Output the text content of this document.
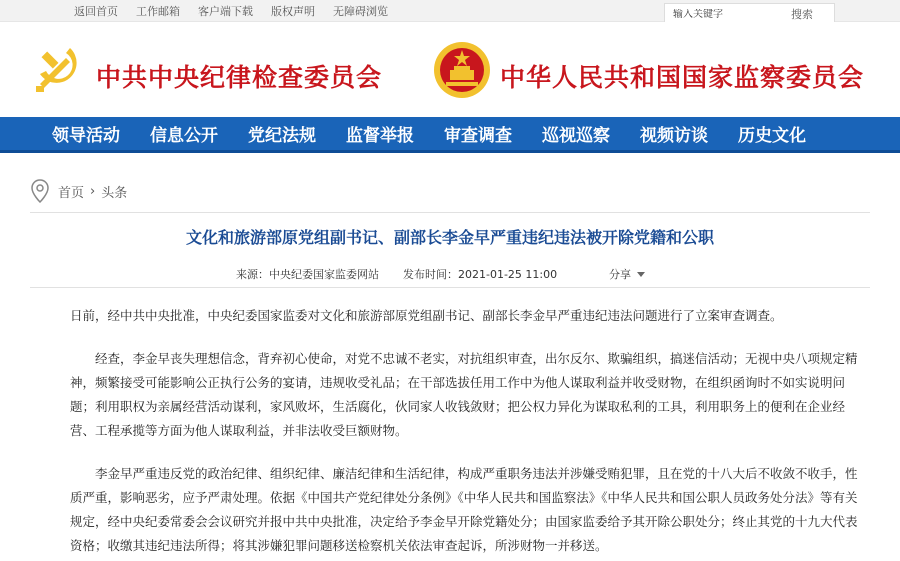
返回首页 工作邮箱 客户端下载 版权声明 无障碍浏览
输入关键字	搜索
中共中央纪律检查委员会	中华人民共和国国家监察委员会
领导活动 信息公开 党纪法规 监督举报 审查调查 巡视巡察 视频访谈 历史文化
首页 › 头条
文化和旅游部原党组副书记、副部长李金早严重违纪违法被开除党籍和公职
来源：中央纪委国家监委网站 发布时间：2021-01-25 11:00	分享

日前，经中共中央批准，中央纪委国家监委对文化和旅游部原党组副书记、副部长李金早严重违纪违法问题进行了立案审查调查。

经查，李金早丧失理想信念，背弃初心使命，对党不忠诚不老实，对抗组织审查，出尔反尔、欺骗组织，搞迷信活动；无视中央八项规定精神，频繁接受可能影响公正执行公务的宴请，违规收受礼品；在干部选拔任用工作中为他人谋取利益并收受财物，在组织函询时不如实说明问题；利用职权为亲属经营活动谋利，家风败坏，生活腐化，伙同家人收钱敛财；把公权力异化为谋取私利的工具，利用职务上的便利在企业经营、工程承揽等方面为他人谋取利益，并非法收受巨额财物。

李金早严重违反党的政治纪律、组织纪律、廉洁纪律和生活纪律，构成严重职务违法并涉嫌受贿犯罪，且在党的十八大后不收敛不收手，性质严重，影响恶劣，应予严肃处理。依据《中国共产党纪律处分条例》《中华人民共和国监察法》《中华人民共和国公职人员政务处分法》等有关规定，经中央纪委常委会会议研究并报中共中央批准，决定给予李金早开除党籍处分；由国家监委给予其开除公职处分；终止其党的十九大代表资格；收缴其违纪违法所得；将其涉嫌犯罪问题移送检察机关依法审查起诉，所涉财物一并移送。
